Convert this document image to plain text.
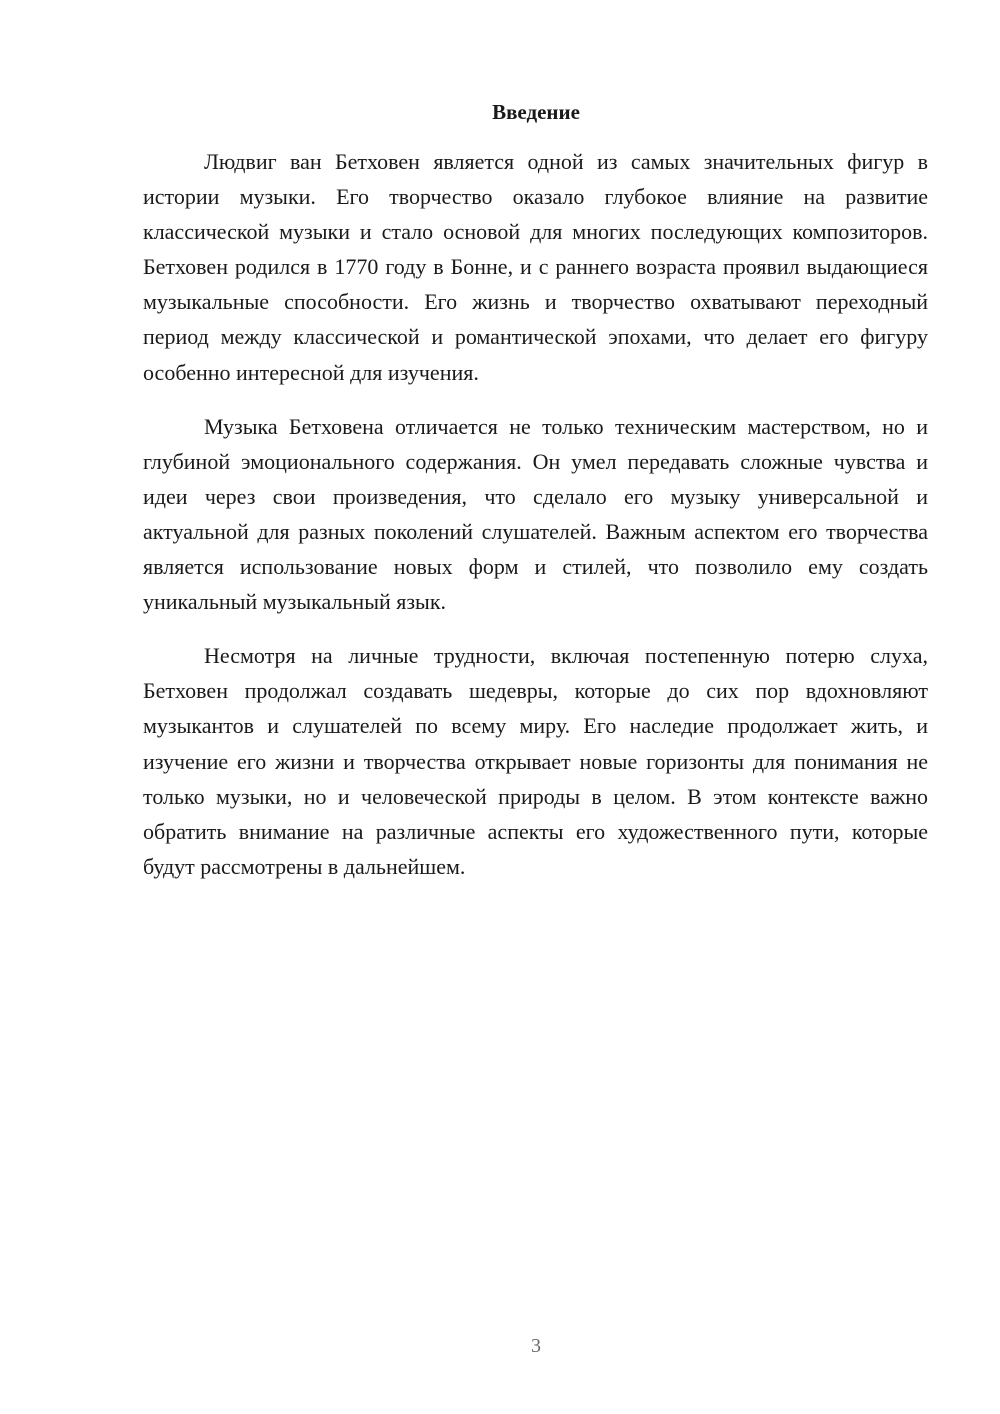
Введение

Людвиг ван Бетховен является одной из самых значительных фигур в истории музыки. Его творчество оказало глубокое влияние на развитие классической музыки и стало основой для многих последующих композиторов. Бетховен родился в 1770 году в Бонне, и с раннего возраста проявил выдающиеся музыкальные способности. Его жизнь и творчество охватывают переходный период между классической и романтической эпохами, что делает его фигуру особенно интересной для изучения.

Музыка Бетховена отличается не только техническим мастерством, но и глубиной эмоционального содержания. Он умел передавать сложные чувства и идеи через свои произведения, что сделало его музыку универсальной и актуальной для разных поколений слушателей. Важным аспектом его творчества является использование новых форм и стилей, что позволило ему создать уникальный музыкальный язык.

Несмотря на личные трудности, включая постепенную потерю слуха, Бетховен продолжал создавать шедевры, которые до сих пор вдохновляют музыкантов и слушателей по всему миру. Его наследие продолжает жить, и изучение его жизни и творчества открывает новые горизонты для понимания не только музыки, но и человеческой природы в целом. В этом контексте важно обратить внимание на различные аспекты его художественного пути, которые будут рассмотрены в дальнейшем.

3
